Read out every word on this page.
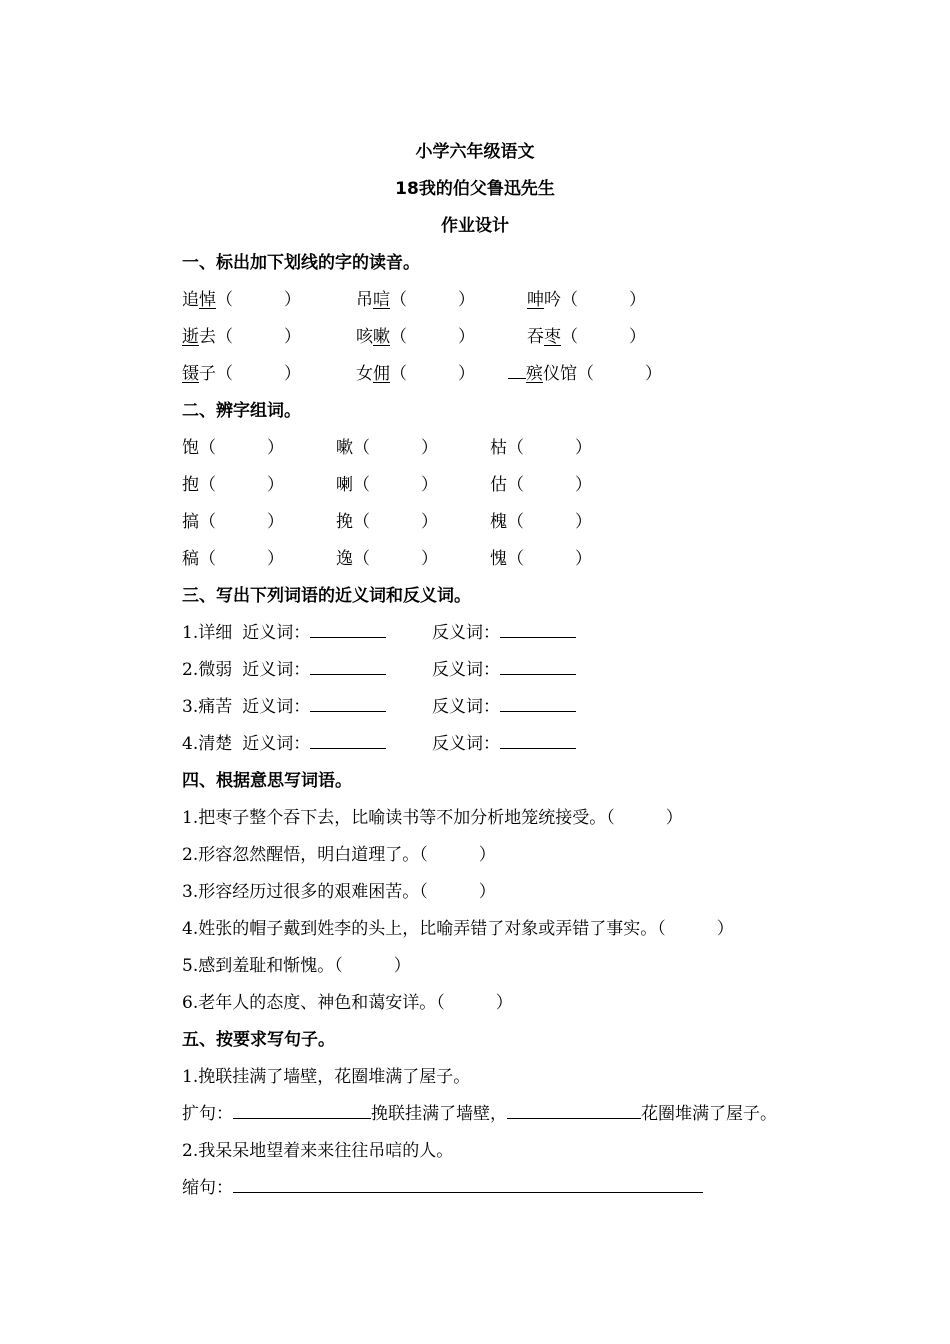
小学六年级语文
18我的伯父鲁迅先生
作业设计
一、标出加下划线的字的读音。
追悼（　　　）	吊唁（　　　）	呻吟（　　　）
逝去（　　　）	咳嗽（　　　）	吞枣（　　　）
镊子（　　　）	女佣（　　　）	殡仪馆（　　　）
二、辨字组词。
饱（　　　）	嗽（　　　）	枯（　　　）
抱（　　　）	喇（　　　）	估（　　　）
搞（　　　）	挽（　　　）	槐（　　　）
稿（　　　）	逸（　　　）	愧（　　　）
三、写出下列词语的近义词和反义词。
1.详细 近义词：	反义词：
2.微弱 近义词：	反义词：
3.痛苦 近义词：	反义词：
4.清楚 近义词：	反义词：
四、根据意思写词语。
1.把枣子整个吞下去，比喻读书等不加分析地笼统接受。（　　　）
2.形容忽然醒悟，明白道理了。（　　　）
3.形容经历过很多的艰难困苦。（　　　）
4.姓张的帽子戴到姓李的头上，比喻弄错了对象或弄错了事实。（　　　）
5.感到羞耻和惭愧。（　　　）
6.老年人的态度、神色和蔼安详。（　　　）
五、按要求写句子。
1.挽联挂满了墙壁，花圈堆满了屋子。
扩句：	挽联挂满了墙壁，	花圈堆满了屋子。
2.我呆呆地望着来来往往吊唁的人。
缩句：
